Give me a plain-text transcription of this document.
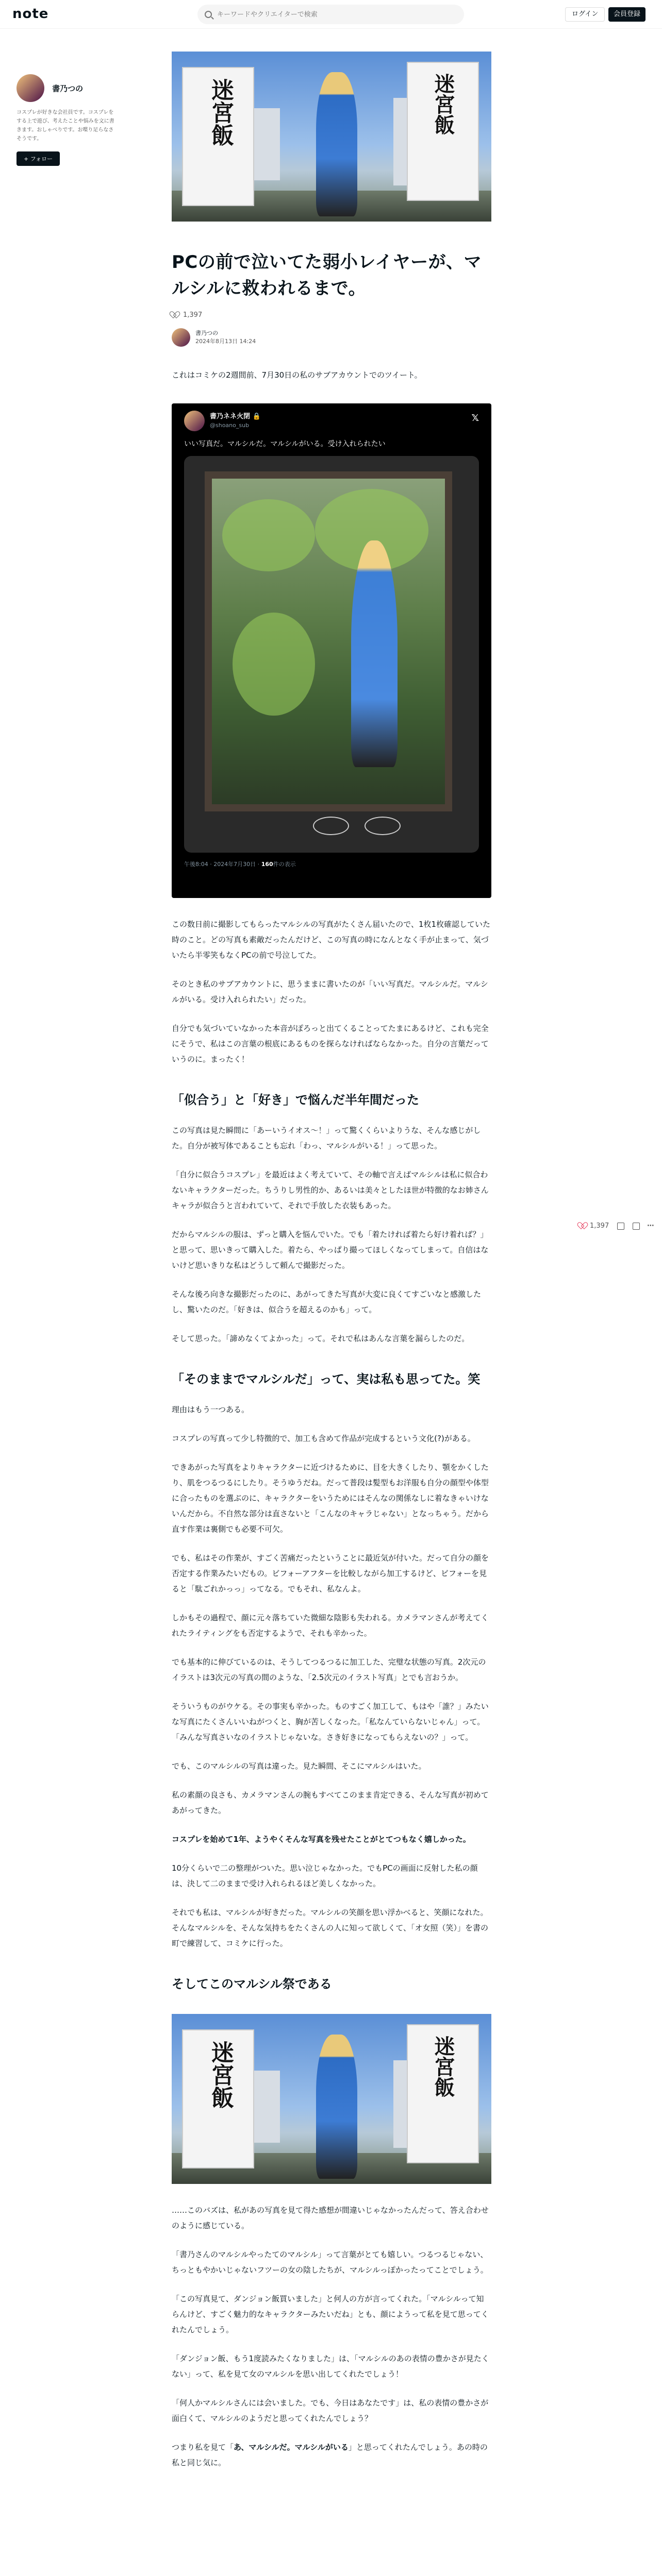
note
キーワードやクリエイターで検索	ログイン	会員登録
書乃つの
コスプレが好きな会社員です。コスプレをする上で遊び、考えたことや悩みを文に書きます。おしゃべりです。お喋り足らなさそうです。
+ フォロー
迷宮飯	迷宮飯
PCの前で泣いてた弱小レイヤーが、マルシルに救われるまで。
1,397
書乃つの
2024年8月13日 14:24
これはコミケの2週間前、7月30日の私のサブアカウントでのツイート。
書乃ネネ火閉 🔒
@shoano_sub
𝕏
いい写真だ。マルシルだ。マルシルがいる。受け入れられたい
午後8:04 · 2024年7月30日 · 160件の表示
この数日前に撮影してもらったマルシルの写真がたくさん届いたので、1枚1枚確認していた時のこと。どの写真も素敵だったんだけど、この写真の時になんとなく手が止まって、気づいたら半零笑もなくPCの前で号泣してた。
そのとき私のサブアカウントに、思うままに書いたのが「いい写真だ。マルシルだ。マルシルがいる。受け入れられたい」だった。
自分でも気づいていなかった本音がぽろっと出てくることってたまにあるけど、これも完全にそうで、私はこの言葉の根底にあるものを探らなければならなかった。自分の言葉だっていうのに。まったく！
「似合う」と「好き」で悩んだ半年間だった
この写真は見た瞬間に「あーいうイオス～！」って驚くくらいよりうな、そんな感じがした。自分が被写体であることも忘れ「わっ、マルシルがいる！」って思った。
「自分に似合うコスプレ」を最近はよく考えていて、その軸で言えばマルシルは私に似合わないキャラクターだった。ちうりし男性的か、あるいは美々としたほ世が特徴的なお姉さんキャラが似合うと言われていて、それで手放した衣装もあった。
だからマルシルの服は、ずっと購入を悩んでいた。でも「着たければ着たら好け着れば？」と思って、思いきって購入した。着たら、やっぱり撮ってほしくなってしまって。自信はないけど思いきりな私はどうして頼んで撮影だった。
そんな後ろ向きな撮影だったのに、あがってきた写真が大変に良くてすごいなと感激したし、驚いたのだ。「好きは、似合うを超えるのかも」って。
そして思った。「諦めなくてよかった」って。それで私はあんな言葉を漏らしたのだ。
「そのままでマルシルだ」って、実は私も思ってた。笑
理由はもう一つある。
コスプレの写真って少し特徴的で、加工も含めて作品が完成するという文化(?)がある。
できあがった写真をよりキャラクターに近づけるために、目を大きくしたり、顎をかくしたり、肌をつるつるにしたり。そうゆうだね。だって普段は髪型もお洋服も自分の顔型や体型に合ったものを選ぶのに、キャラクターをいうためにはそんなの関係なしに着なきゃいけないんだから。不自然な部分は直さないと「こんなのキャラじゃない」となっちゃう。だから直す作業は裏側でも必要不可欠。
でも、私はその作業が、すごく苦痛だったということに最近気が付いた。だって自分の顔を否定する作業みたいだもの。ビフォーアフターを比較しながら加工するけど、ビフォーを見ると「駄ごれかっっ」ってなる。でもそれ、私なんよ。
しかもその過程で、顔に元々落ちていた微細な陰影も失われる。カメラマンさんが考えてくれたライティングをも否定するようで、それも辛かった。
でも基本的に伸びているのは、そうしてつるつるに加工した、完璧な状態の写真。2次元のイラストは3次元の写真の間のような、「2.5次元のイラスト写真」とでも言おうか。
そういうものがウケる。その事実も辛かった。ものすごく加工して、もはや「誰？」みたいな写真にたくさんいいねがつくと、胸が苦しくなった。「私なんていらないじゃん」って。「みんな写真さいなのイラストじゃないな。さき好きになってもらえないの？」って。
でも、このマルシルの写真は違った。見た瞬間、そこにマルシルはいた。
私の素顔の良さも、カメラマンさんの腕もすべてこのまま肯定できる、そんな写真が初めてあがってきた。
コスプレを始めて1年、ようやくそんな写真を残せたことがとてつもなく嬉しかった。
10分くらいで二の整理がついた。思い泣じゃなかった。でもPCの画面に反射した私の顔は、決して二のままで受け入れられるほど美しくなかった。
それでも私は、マルシルが好きだった。マルシルの笑顔を思い浮かべると、笑顔になれた。そんなマルシルを、そんな気持ちをたくさんの人に知って欲しくて、「オ女照（笑）」を書の町で練習して、コミケに行った。
そしてこのマルシル祭である
迷宮飯	迷宮飯
……このバズは、私があの写真を見て得た感想が間違いじゃなかったんだって、答え合わせのように感じている。
「書乃さんのマルシルやったてのマルシル」って言葉がとても嬉しい。つるつるじゃない、ちっともやかいじゃないフツーの女の陰したちが、マルシルっぽかったってことでしょう。
「この写真見て、ダンジョン飯買いました」と何人の方が言ってくれた。「マルシルって知らんけど、すごく魅力的なキャラクターみたいだね」とも、顔にようって私を見て思ってくれたんでしょう。
「ダンジョン飯、もう1度読みたくなりました」は、「マルシルのあの表情の豊かさが見たくない」って、私を見て女のマルシルを思い出してくれたでしょう！
「何人かマルシルさんには会いました。でも、今日はあなたです」は、私の表情の豊かさが面白くて、マルシルのようだと思ってくれたんでしょう？
つまり私を見て「あ、マルシルだ。マルシルがいる」と思ってくれたんでしょう。あの時の私と同じ気に。
1,397	⋯
